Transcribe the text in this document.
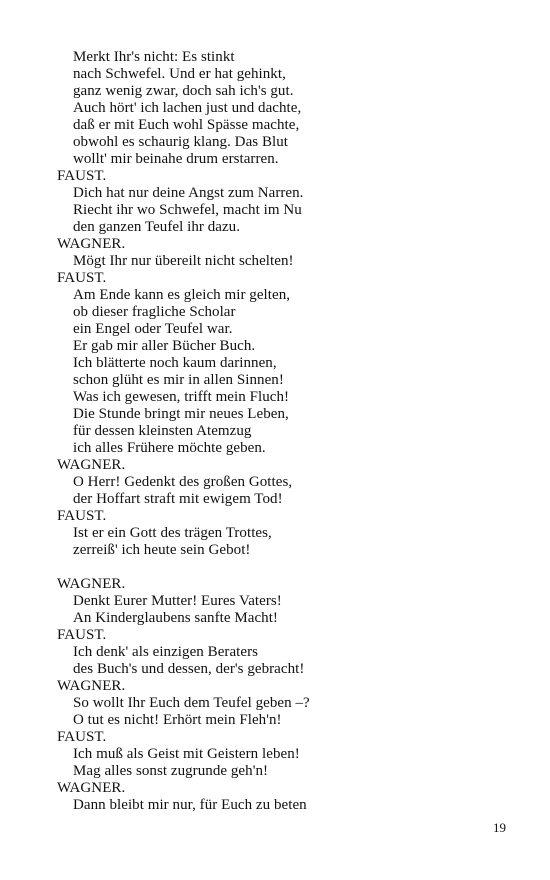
Merkt Ihr's nicht: Es stinkt
nach Schwefel. Und er hat gehinkt,
ganz wenig zwar, doch sah ich's gut.
Auch hört' ich lachen just und dachte,
daß er mit Euch wohl Spässe machte,
obwohl es schaurig klang. Das Blut
wollt' mir beinahe drum erstarren.
FAUST.
Dich hat nur deine Angst zum Narren.
Riecht ihr wo Schwefel, macht im Nu
den ganzen Teufel ihr dazu.
WAGNER.
Mögt Ihr nur übereilt nicht schelten!
FAUST.
Am Ende kann es gleich mir gelten,
ob dieser fragliche Scholar
ein Engel oder Teufel war.
Er gab mir aller Bücher Buch.
Ich blätterte noch kaum darinnen,
schon glüht es mir in allen Sinnen!
Was ich gewesen, trifft mein Fluch!
Die Stunde bringt mir neues Leben,
für dessen kleinsten Atemzug
ich alles Frühere möchte geben.
WAGNER.
O Herr! Gedenkt des großen Gottes,
der Hoffart straft mit ewigem Tod!
FAUST.
Ist er ein Gott des trägen Trottes,
zerreiß' ich heute sein Gebot!
WAGNER.
Denkt Eurer Mutter! Eures Vaters!
An Kinderglaubens sanfte Macht!
FAUST.
Ich denk' als einzigen Beraters
des Buch's und dessen, der's gebracht!
WAGNER.
So wollt Ihr Euch dem Teufel geben –?
O tut es nicht! Erhört mein Fleh'n!
FAUST.
Ich muß als Geist mit Geistern leben!
Mag alles sonst zugrunde geh'n!
WAGNER.
Dann bleibt mir nur, für Euch zu beten
19
